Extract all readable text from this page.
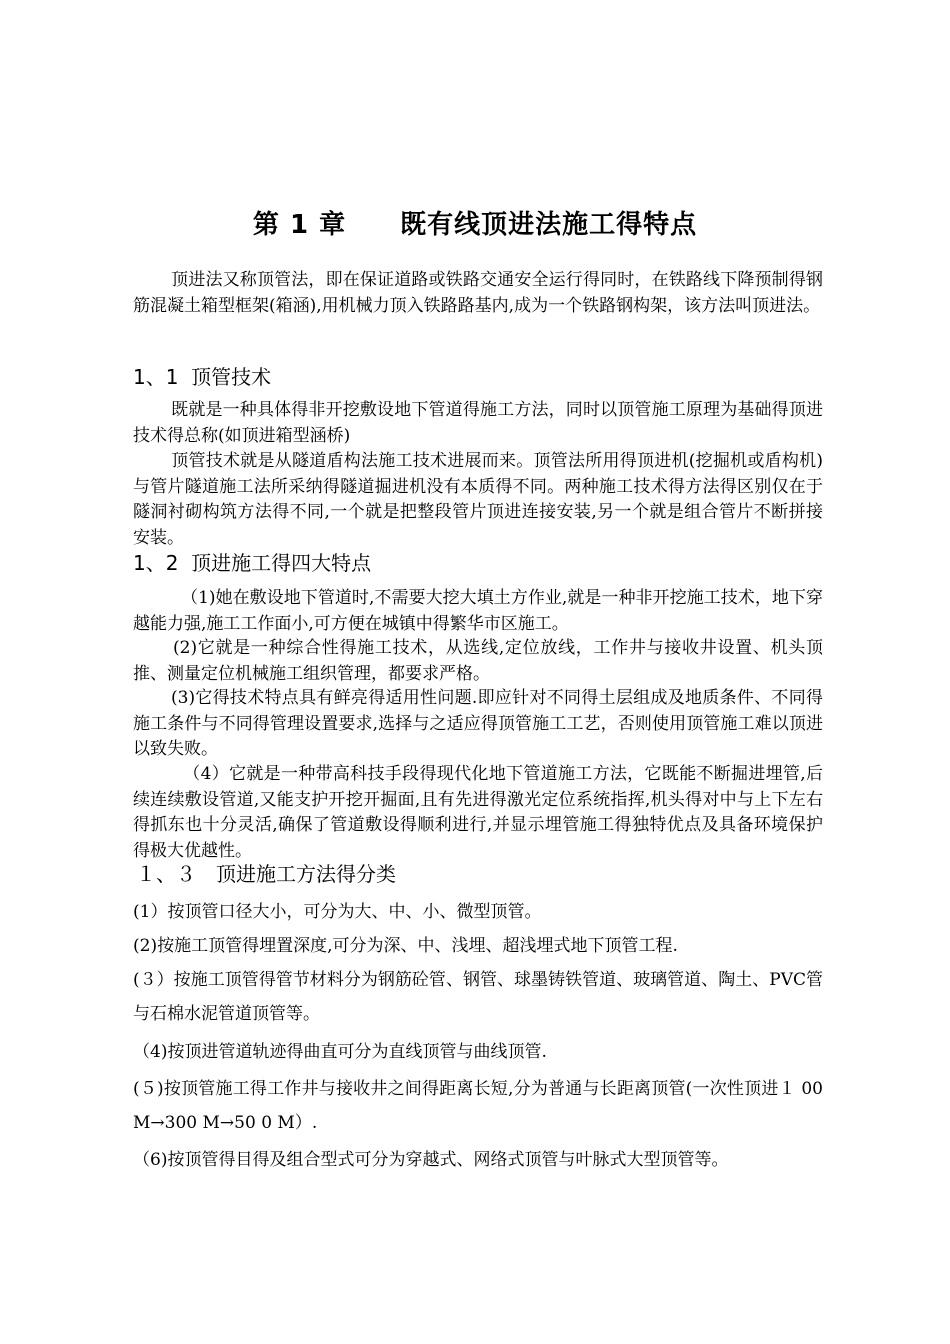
第 1 章　　既有线顶进法施工得特点

顶进法又称顶管法，即在保证道路或铁路交通安全运行得同时，在铁路线下降预制得钢筋混凝土箱型框架(箱涵),用机械力顶入铁路路基内,成为一个铁路钢构架，该方法叫顶进法。

1、1  顶管技术

既就是一种具体得非开挖敷设地下管道得施工方法，同时以顶管施工原理为基础得顶进技术得总称(如顶进箱型涵桥)

顶管技术就是从隧道盾构法施工技术进展而来。顶管法所用得顶进机(挖掘机或盾构机)与管片隧道施工法所采纳得隧道掘进机没有本质得不同。两种施工技术得方法得区别仅在于隧洞衬砌构筑方法得不同,一个就是把整段管片顶进连接安装,另一个就是组合管片不断拼接安装。

1、2  顶进施工得四大特点

（1)她在敷设地下管道时,不需要大挖大填土方作业,就是一种非开挖施工技术，地下穿越能力强,施工工作面小,可方便在城镇中得繁华市区施工。

(2)它就是一种综合性得施工技术，从选线,定位放线，工作井与接收井设置、机头顶推、测量定位机械施工组织管理，都要求严格。

(3)它得技术特点具有鲜亮得适用性问题.即应针对不同得土层组成及地质条件、不同得施工条件与不同得管理设置要求,选择与之适应得顶管施工工艺，否则使用顶管施工难以顶进以致失败。

（4）它就是一种带高科技手段得现代化地下管道施工方法，它既能不断掘进埋管,后续连续敷设管道,又能支护开挖开掘面,且有先进得激光定位系统指挥,机头得对中与上下左右得抓东也十分灵活,确保了管道敷设得顺利进行,并显示埋管施工得独特优点及具备环境保护得极大优越性。

１、３　顶进施工方法得分类

(1）按顶管口径大小，可分为大、中、小、微型顶管。

(2)按施工顶管得埋置深度,可分为深、中、浅埋、超浅埋式地下顶管工程.

(３）按施工顶管得管节材料分为钢筋砼管、钢管、球墨铸铁管道、玻璃管道、陶土、PVC管与石棉水泥管道顶管等。

（4)按顶进管道轨迹得曲直可分为直线顶管与曲线顶管.

(５)按顶管施工得工作井与接收井之间得距离长短,分为普通与长距离顶管(一次性顶进１ 00 M→300 M→50 0 M）.

（6)按顶管得目得及组合型式可分为穿越式、网络式顶管与叶脉式大型顶管等。
